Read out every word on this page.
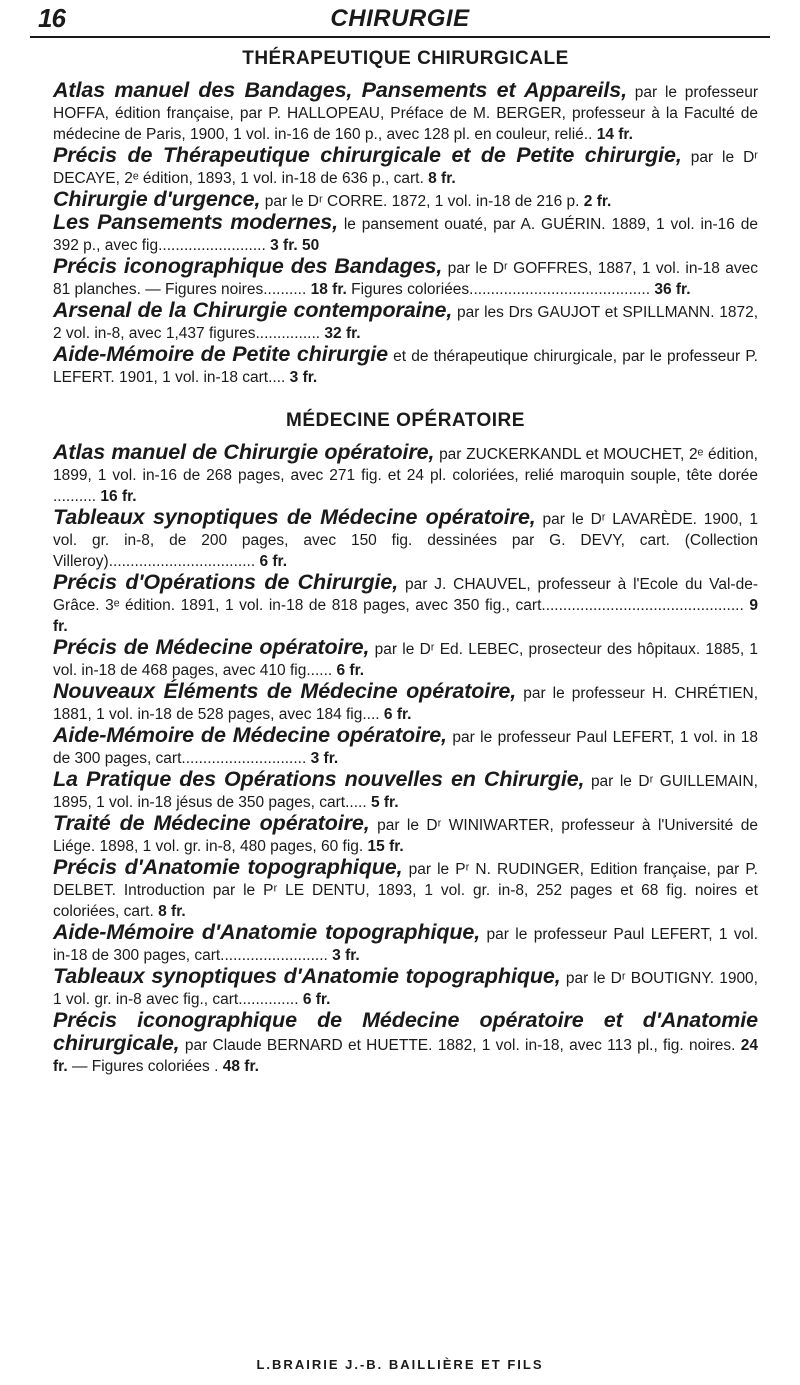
16	CHIRURGIE
THÉRAPEUTIQUE CHIRURGICALE
Atlas manuel des Bandages, Pansements et Appareils, par le professeur HOFFA, édition française, par P. HALLOPEAU, Préface de M. BERGER, professeur à la Faculté de médecine de Paris, 1900, 1 vol. in-16 de 160 p., avec 128 pl. en couleur, relié.. 14 fr.
Précis de Thérapeutique chirurgicale et de Petite chirurgie, par le Dʳ DECAYE, 2ᵉ édition, 1893, 1 vol. in-18 de 636 p., cart. 8 fr.
Chirurgie d'urgence, par le Dʳ CORRE. 1872, 1 vol. in-18 de 216 p. 2 fr.
Les Pansements modernes, le pansement ouaté, par A. GUÉRIN. 1889, 1 vol. in-16 de 392 p., avec fig......................... 3 fr. 50
Précis iconographique des Bandages, par le Dʳ GOFFRES, 1887, 1 vol. in-18 avec 81 planches. — Figures noires.......... 18 fr. Figures coloriées.......................................... 36 fr.
Arsenal de la Chirurgie contemporaine, par les Drs GAUJOT et SPILLMANN. 1872, 2 vol. in-8, avec 1,437 figures............... 32 fr.
Aide-Mémoire de Petite chirurgie et de thérapeutique chirurgicale, par le professeur P. LEFERT. 1901, 1 vol. in-18 cart.... 3 fr.
MÉDECINE OPÉRATOIRE
Atlas manuel de Chirurgie opératoire, par ZUCKERKANDL et MOUCHET, 2ᵉ édition, 1899, 1 vol. in-16 de 268 pages, avec 271 fig. et 24 pl. coloriées, relié maroquin souple, tête dorée .......... 16 fr.
Tableaux synoptiques de Médecine opératoire, par le Dʳ LAVARÈDE. 1900, 1 vol. gr. in-8, de 200 pages, avec 150 fig. dessinées par G. DEVY, cart. (Collection Villeroy).................................. 6 fr.
Précis d'Opérations de Chirurgie, par J. CHAUVEL, professeur à l'Ecole du Val-de-Grâce. 3ᵉ édition. 1891, 1 vol. in-18 de 818 pages, avec 350 fig., cart............................................... 9 fr.
Précis de Médecine opératoire, par le Dʳ Ed. LEBEC, prosecteur des hôpitaux. 1885, 1 vol. in-18 de 468 pages, avec 410 fig...... 6 fr.
Nouveaux Éléments de Médecine opératoire, par le professeur H. CHRÉTIEN, 1881, 1 vol. in-18 de 528 pages, avec 184 fig.... 6 fr.
Aide-Mémoire de Médecine opératoire, par le professeur Paul LEFERT, 1 vol. in 18 de 300 pages, cart............................. 3 fr.
La Pratique des Opérations nouvelles en Chirurgie, par le Dʳ GUILLEMAIN, 1895, 1 vol. in-18 jésus de 350 pages, cart..... 5 fr.
Traité de Médecine opératoire, par le Dʳ WINIWARTER, professeur à l'Université de Liége. 1898, 1 vol. gr. in-8, 480 pages, 60 fig. 15 fr.
Précis d'Anatomie topographique, par le Pʳ N. RUDINGER, Edition française, par P. DELBET. Introduction par le Pʳ LE DENTU, 1893, 1 vol. gr. in-8, 252 pages et 68 fig. noires et coloriées, cart. 8 fr.
Aide-Mémoire d'Anatomie topographique, par le professeur Paul LEFERT, 1 vol. in-18 de 300 pages, cart......................... 3 fr.
Tableaux synoptiques d'Anatomie topographique, par le Dʳ BOUTIGNY. 1900, 1 vol. gr. in-8 avec fig., cart.............. 6 fr.
Précis iconographique de Médecine opératoire et d'Anatomie chirurgicale, par Claude BERNARD et HUETTE. 1882, 1 vol. in-18, avec 113 pl., fig. noires. 24 fr. — Figures coloriées . 48 fr.
L.BRAIRIE J.-B. BAILLIÈRE ET FILS
